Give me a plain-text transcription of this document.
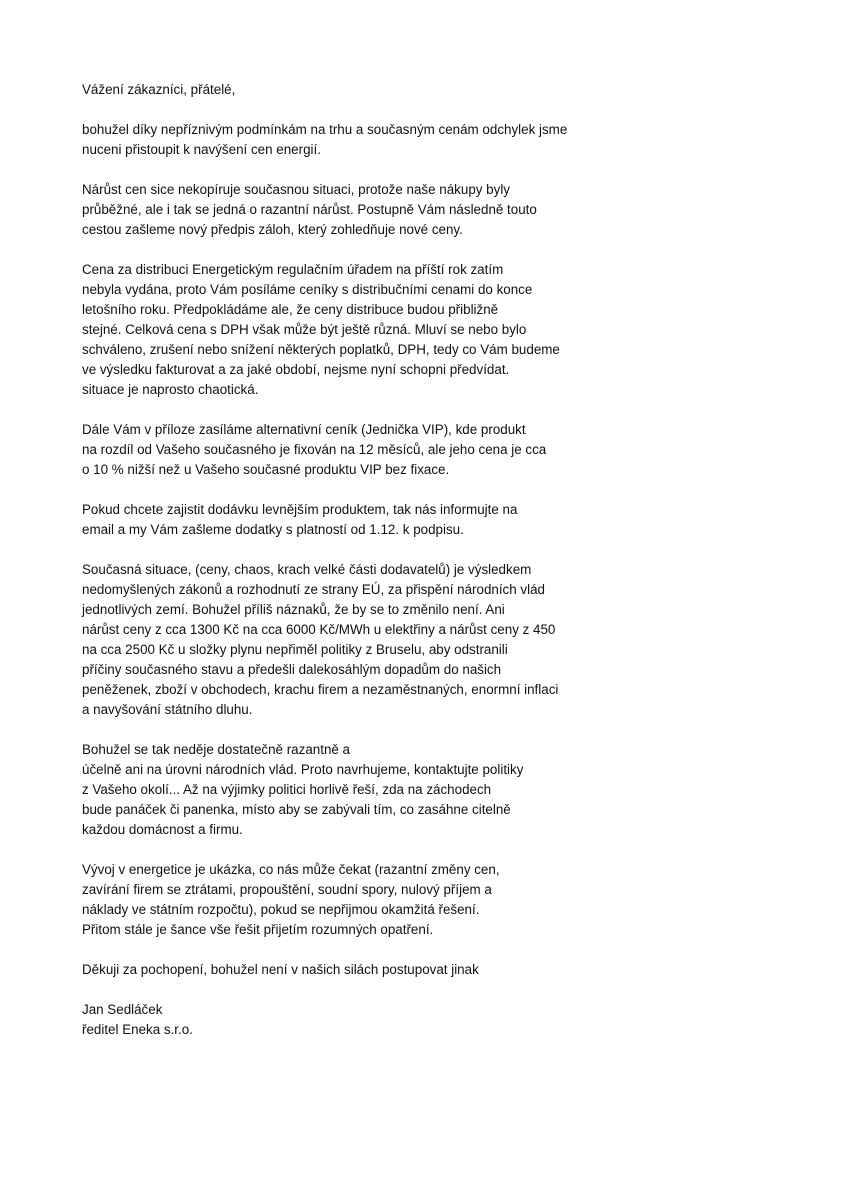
Vážení zákazníci, přátelé,

bohužel díky nepříznivým podmínkám na trhu a současným cenám odchylek jsme
nuceni přistoupit k navýšení cen energií.

Nárůst cen sice nekopíruje současnou situaci, protože naše nákupy byly
průběžné, ale i tak se jedná o razantní nárůst. Postupně Vám následně touto
cestou zašleme nový předpis záloh, který zohledňuje nové ceny.

Cena za distribuci Energetickým regulačním úřadem na příští rok zatím
nebyla vydána, proto Vám posíláme ceníky s distribučními cenami do konce
letošního roku. Předpokládáme ale, že ceny distribuce budou přibližně
stejné. Celková cena s DPH však může být ještě různá. Mluví se nebo bylo
schváleno, zrušení nebo snížení některých poplatků, DPH, tedy co Vám budeme
ve výsledku fakturovat a za jaké období, nejsme nyní schopni předvídat.
situace je naprosto chaotická.

Dále Vám v příloze zasíláme alternativní ceník (Jednička VIP), kde produkt
na rozdíl od Vašeho současného je fixován na 12 měsíců, ale jeho cena je cca
o 10 % nižší než u Vašeho současné produktu VIP bez fixace.

Pokud chcete zajistit dodávku levnějším produktem, tak nás informujte na
email a my Vám zašleme dodatky s platností od 1.12. k podpisu.

Současná situace, (ceny, chaos, krach velké části dodavatelů) je výsledkem
nedomyšlených zákonů a rozhodnutí ze strany EÚ, za přispění národních vlád
jednotlivých zemí. Bohužel příliš náznaků, že by se to změnilo není. Ani
nárůst ceny z cca 1300 Kč na cca 6000 Kč/MWh u elektřiny a nárůst ceny z 450
na cca 2500 Kč u složky plynu nepřiměl politiky z Bruselu, aby odstranili
příčiny současného stavu a předešli dalekosáhlým dopadům do našich
peněženek, zboží v obchodech, krachu firem a nezaměstnaných, enormní inflaci
a navyšování státního dluhu.

Bohužel se tak neděje dostatečně razantně a
účelně ani na úrovni národních vlád. Proto navrhujeme, kontaktujte politiky
z Vašeho okolí... Až na výjimky politici horlivě řeší, zda na záchodech
bude panáček či panenka, místo aby se zabývali tím, co zasáhne citelně
každou domácnost a firmu.

Vývoj v energetice je ukázka, co nás může čekat (razantní změny cen,
zavírání firem se ztrátami, propouštění, soudní spory, nulový příjem a
náklady ve státním rozpočtu), pokud se nepřijmou okamžitá řešení.
Přitom stále je šance vše řešit přijetím rozumných opatření.

Děkuji za pochopení, bohužel není v našich silách postupovat jinak

Jan Sedláček
ředitel Eneka s.r.o.
